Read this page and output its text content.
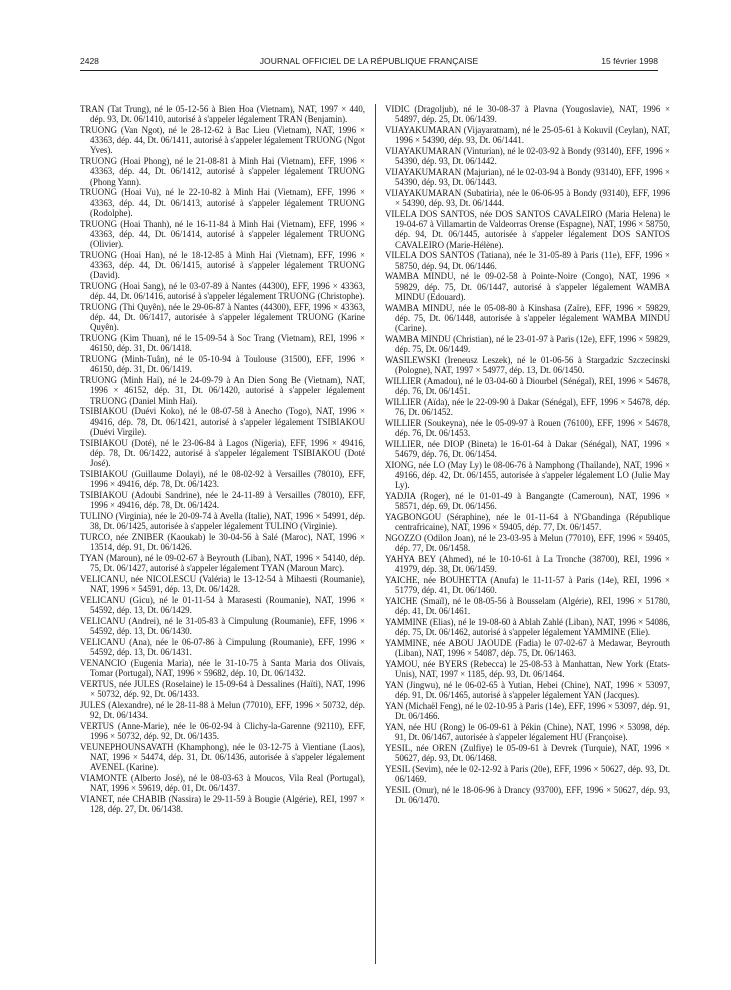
2428	JOURNAL OFFICIEL DE LA RÉPUBLIQUE FRANÇAISE	15 février 1998

TRAN (Tat Trung), né le 05-12-56 à Bien Hoa (Vietnam), NAT, 1997 × 440, dép. 93, Dt. 06/1410, autorisé à s'appeler légalement TRAN (Benjamin).

TRUONG (Van Ngot), né le 28-12-62 à Bac Lieu (Vietnam), NAT, 1996 × 43363, dép. 44, Dt. 06/1411, autorisé à s'appeler légalement TRUONG (Ngot Yves).

TRUONG (Hoai Phong), né le 21-08-81 à Minh Hai (Vietnam), EFF, 1996 × 43363, dép. 44, Dt. 06/1412, autorisé à s'appeler légalement TRUONG (Phong Yann).

TRUONG (Hoai Vu), né le 22-10-82 à Minh Hai (Vietnam), EFF, 1996 × 43363, dép. 44, Dt. 06/1413, autorisé à s'appeler légalement TRUONG (Rodolphe).

TRUONG (Hoai Thanh), né le 16-11-84 à Minh Hai (Vietnam), EFF, 1996 × 43363, dép. 44, Dt. 06/1414, autorisé à s'appeler légalement TRUONG (Olivier).

TRUONG (Hoai Han), né le 18-12-85 à Minh Hai (Vietnam), EFF, 1996 × 43363, dép. 44, Dt. 06/1415, autorisé à s'appeler légalement TRUONG (David).

TRUONG (Hoai Sang), né le 03-07-89 à Nantes (44300), EFF, 1996 × 43363, dép. 44, Dt. 06/1416, autorisé à s'appeler légalement TRUONG (Christophe).

TRUONG (Thi Quyên), née le 29-06-87 à Nantes (44300), EFF, 1996 × 43363, dép. 44, Dt. 06/1417, autorisée à s'appeler légalement TRUONG (Karine Quyên).

TRUONG (Kim Thuan), né le 15-09-54 à Soc Trang (Vietnam), REI, 1996 × 46150, dép. 31, Dt. 06/1418.

TRUONG (Minh-Tuân), né le 05-10-94 à Toulouse (31500), EFF, 1996 × 46150, dép. 31, Dt. 06/1419.

TRUONG (Minh Hai), né le 24-09-79 à An Dien Song Be (Vietnam), NAT, 1996 × 46152, dép. 31, Dt. 06/1420, autorisé à s'appeler légalement TRUONG (Daniel Minh Hai).

TSIBIAKOU (Duévi Koko), né le 08-07-58 à Anecho (Togo), NAT, 1996 × 49416, dép. 78, Dt. 06/1421, autorisé à s'appeler légalement TSIBIAKOU (Duévi Virgile).

TSIBIAKOU (Doté), né le 23-06-84 à Lagos (Nigeria), EFF, 1996 × 49416, dép. 78, Dt. 06/1422, autorisé à s'appeler légalement TSIBIAKOU (Doté José).

TSIBIAKOU (Guillaume Dolayi), né le 08-02-92 à Versailles (78010), EFF, 1996 × 49416, dép. 78, Dt. 06/1423.

TSIBIAKOU (Adoubi Sandrine), née le 24-11-89 à Versailles (78010), EFF, 1996 × 49416, dép. 78, Dt. 06/1424.

TULINO (Virginia), née le 20-09-74 à Avella (Italie), NAT, 1996 × 54991, dép. 38, Dt. 06/1425, autorisée à s'appeler légalement TULINO (Virginie).

TURCO, née ZNIBER (Kaoukab) le 30-04-56 à Salé (Maroc), NAT, 1996 × 13514, dép. 91, Dt. 06/1426.

TYAN (Maroun), né le 09-02-67 à Beyrouth (Liban), NAT, 1996 × 54140, dép. 75, Dt. 06/1427, autorisé à s'appeler légalement TYAN (Maroun Marc).

VELICANU, née NICOLESCU (Valéria) le 13-12-54 à Mihaesti (Roumanie), NAT, 1996 × 54591, dép. 13, Dt. 06/1428.

VELICANU (Gicu), né le 01-11-54 à Marasesti (Roumanie), NAT, 1996 × 54592, dép. 13, Dt. 06/1429.

VELICANU (Andrei), né le 31-05-83 à Cimpulung (Roumanie), EFF, 1996 × 54592, dép. 13, Dt. 06/1430.

VELICANU (Ana), née le 06-07-86 à Cimpulung (Roumanie), EFF, 1996 × 54592, dép. 13, Dt. 06/1431.

VENANCIO (Eugenia Maria), née le 31-10-75 à Santa Maria dos Olivais, Tomar (Portugal), NAT, 1996 × 59682, dép. 10, Dt. 06/1432.

VERTUS, née JULES (Roselaine) le 15-09-64 à Dessalines (Haïti), NAT, 1996 × 50732, dép. 92, Dt. 06/1433.

JULES (Alexandre), né le 28-11-88 à Melun (77010), EFF, 1996 × 50732, dép. 92, Dt. 06/1434.

VERTUS (Anne-Marie), née le 06-02-94 à Clichy-la-Garenne (92110), EFF, 1996 × 50732, dép. 92, Dt. 06/1435.

VEUNEPHOUNSAVATH (Khamphong), née le 03-12-75 à Vientiane (Laos), NAT, 1996 × 54474, dép. 31, Dt. 06/1436, autorisée à s'appeler légalement AVENEL (Karine).

VIAMONTE (Alberto José), né le 08-03-63 à Moucos, Vila Real (Portugal), NAT, 1996 × 59619, dép. 01, Dt. 06/1437.

VIANET, née CHABIB (Nassira) le 29-11-59 à Bougie (Algérie), REI, 1997 × 128, dép. 27, Dt. 06/1438.

VIDIC (Dragoljub), né le 30-08-37 à Plavna (Yougoslavie), NAT, 1996 × 54897, dép. 25, Dt. 06/1439.

VIJAYAKUMARAN (Vijayaratnam), né le 25-05-61 à Kokuvil (Ceylan), NAT, 1996 × 54390, dép. 93, Dt. 06/1441.

VIJAYAKUMARAN (Vinturian), né le 02-03-92 à Bondy (93140), EFF, 1996 × 54390, dép. 93, Dt. 06/1442.

VIJAYAKUMARAN (Majurian), né le 02-03-94 à Bondy (93140), EFF, 1996 × 54390, dép. 93, Dt. 06/1443.

VIJAYAKUMARAN (Subatiria), née le 06-06-95 à Bondy (93140), EFF, 1996 × 54390, dép. 93, Dt. 06/1444.

VILELA DOS SANTOS, née DOS SANTOS CAVALEIRO (Maria Helena) le 19-04-67 à Villamartin de Valdeorras Orense (Espagne), NAT, 1996 × 58750, dép. 94, Dt. 06/1445, autorisée à s'appeler légalement DOS SANTOS CAVALEIRO (Marie-Hélène).

VILELA DOS SANTOS (Tatiana), née le 31-05-89 à Paris (11e), EFF, 1996 × 58750, dép. 94, Dt. 06/1446.

WAMBA MINDU, né le 09-02-58 à Pointe-Noire (Congo), NAT, 1996 × 59829, dép. 75, Dt. 06/1447, autorisé à s'appeler légalement WAMBA MINDU (Edouard).

WAMBA MINDU, née le 05-08-80 à Kinshasa (Zaïre), EFF, 1996 × 59829, dép. 75, Dt. 06/1448, autorisée à s'appeler légalement WAMBA MINDU (Carine).

WAMBA MINDU (Christian), né le 23-01-97 à Paris (12e), EFF, 1996 × 59829, dép. 75, Dt. 06/1449.

WASILEWSKI (Ireneusz Leszek), né le 01-06-56 à Stargadzic Szczecinski (Pologne), NAT, 1997 × 54977, dép. 13, Dt. 06/1450.

WILLIER (Amadou), né le 03-04-60 à Diourbel (Sénégal), REI, 1996 × 54678, dép. 76, Dt. 06/1451.

WILLIER (Aïda), née le 22-09-90 à Dakar (Sénégal), EFF, 1996 × 54678, dép. 76, Dt. 06/1452.

WILLIER (Soukeyna), née le 05-09-97 à Rouen (76100), EFF, 1996 × 54678, dép. 76, Dt. 06/1453.

WILLIER, née DIOP (Bineta) le 16-01-64 à Dakar (Sénégal), NAT, 1996 × 54679, dép. 76, Dt. 06/1454.

XIONG, née LO (May Ly) le 08-06-76 à Namphong (Thaïlande), NAT, 1996 × 49166, dép. 42, Dt. 06/1455, autorisée à s'appeler légalement LO (Julie May Ly).

YADJIA (Roger), né le 01-01-49 à Bangangte (Cameroun), NAT, 1996 × 58571, dép. 69, Dt. 06/1456.

YAGBONGOU (Séraphine), née le 01-11-64 à N'Gbandinga (République centrafricaine), NAT, 1996 × 59405, dép. 77, Dt. 06/1457.

NGOZZO (Odilon Joan), né le 23-03-95 à Melun (77010), EFF, 1996 × 59405, dép. 77, Dt. 06/1458.

YAHYA BEY (Ahmed), né le 10-10-61 à La Tronche (38700), REI, 1996 × 41979, dép. 38, Dt. 06/1459.

YAICHE, née BOUHETTA (Anufa) le 11-11-57 à Paris (14e), REI, 1996 × 51779, dép. 41, Dt. 06/1460.

YAICHE (Smaïl), né le 08-05-56 à Bousselam (Algérie), REI, 1996 × 51780, dép. 41, Dt. 06/1461.

YAMMINE (Elias), né le 19-08-60 à Ablah Zahlé (Liban), NAT, 1996 × 54086, dép. 75, Dt. 06/1462, autorisé à s'appeler légalement YAMMINE (Elie).

YAMMINE, née ABOU JAOUDE (Fadia) le 07-02-67 à Medawar, Beyrouth (Liban), NAT, 1996 × 54087, dép. 75, Dt. 06/1463.

YAMOU, née BYERS (Rebecca) le 25-08-53 à Manhattan, New York (Etats-Unis), NAT, 1997 × 1185, dép. 93, Dt. 06/1464.

YAN (Jingwu), né le 06-02-65 à Yutian, Hebei (Chine), NAT, 1996 × 53097, dép. 91, Dt. 06/1465, autorisé à s'appeler légalement YAN (Jacques).

YAN (Michaël Feng), né le 02-10-95 à Paris (14e), EFF, 1996 × 53097, dép. 91, Dt. 06/1466.

YAN, née HU (Rong) le 06-09-61 à Pékin (Chine), NAT, 1996 × 53098, dép. 91, Dt. 06/1467, autorisée à s'appeler légalement HU (Françoise).

YESIL, née OREN (Zulfiye) le 05-09-61 à Devrek (Turquie), NAT, 1996 × 50627, dép. 93, Dt. 06/1468.

YESIL (Sevim), née le 02-12-92 à Paris (20e), EFF, 1996 × 50627, dép. 93, Dt. 06/1469.

YESIL (Onur), né le 18-06-96 à Drancy (93700), EFF, 1996 × 50627, dép. 93, Dt. 06/1470.
